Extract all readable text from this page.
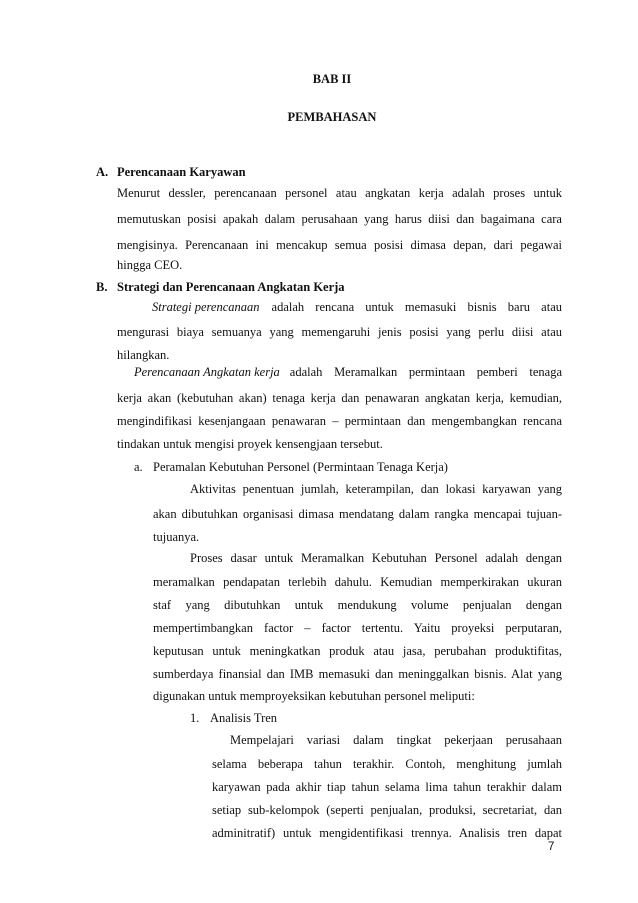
BAB II
PEMBAHASAN
A. Perencanaan Karyawan
Menurut dessler, perencanaan personel atau angkatan kerja adalah proses untuk
memutuskan posisi apakah dalam perusahaan yang harus diisi dan bagaimana cara
mengisinya. Perencanaan ini mencakup semua posisi dimasa depan, dari pegawai
hingga CEO.
B. Strategi dan Perencanaan Angkatan Kerja
Strategi perencanaan adalah rencana untuk memasuki bisnis baru atau
mengurasi biaya semuanya yang memengaruhi jenis posisi yang perlu diisi atau
hilangkan.
Perencanaan Angkatan kerja adalah Meramalkan permintaan pemberi tenaga
kerja akan (kebutuhan akan) tenaga kerja dan penawaran angkatan kerja, kemudian,
mengindifikasi kesenjangaan penawaran – permintaan dan mengembangkan rencana
tindakan untuk mengisi proyek kensengjaan tersebut.
a. Peramalan Kebutuhan Personel (Permintaan Tenaga Kerja)
Aktivitas penentuan jumlah, keterampilan, dan lokasi karyawan yang
akan dibutuhkan organisasi dimasa mendatang dalam rangka mencapai tujuan-
tujuanya.
Proses dasar untuk Meramalkan Kebutuhan Personel adalah dengan
meramalkan pendapatan terlebih dahulu. Kemudian memperkirakan ukuran
staf yang dibutuhkan untuk mendukung volume penjualan dengan
mempertimbangkan factor – factor tertentu. Yaitu proyeksi perputaran,
keputusan untuk meningkatkan produk atau jasa, perubahan produktifitas,
sumberdaya finansial dan IMB memasuki dan meninggalkan bisnis. Alat yang
digunakan untuk memproyeksikan kebutuhan personel meliputi:
1. Analisis Tren
Mempelajari variasi dalam tingkat pekerjaan perusahaan
selama beberapa tahun terakhir. Contoh, menghitung jumlah
karyawan pada akhir tiap tahun selama lima tahun terakhir dalam
setiap sub-kelompok (seperti penjualan, produksi, secretariat, dan
adminitratif) untuk mengidentifikasi trennya. Analisis tren dapat
7
